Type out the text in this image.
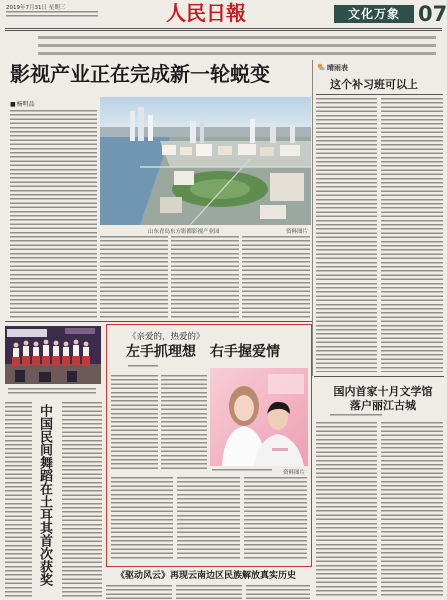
2019年7月31日 星期三	人民日報	文化万象 07
影视产业正在完成新一轮蜕变
■ 杨明品
山东青岛东方影都影视产业园	资料图片
晴雨表
这个补习班可以上
国内首家十月文学馆
落户丽江古城
中国民间舞蹈在土耳其首次获奖
《亲爱的，热爱的》
左手抓理想　右手握爱情
资料图片
《驱动风云》再现云南边区民族解放真实历史
